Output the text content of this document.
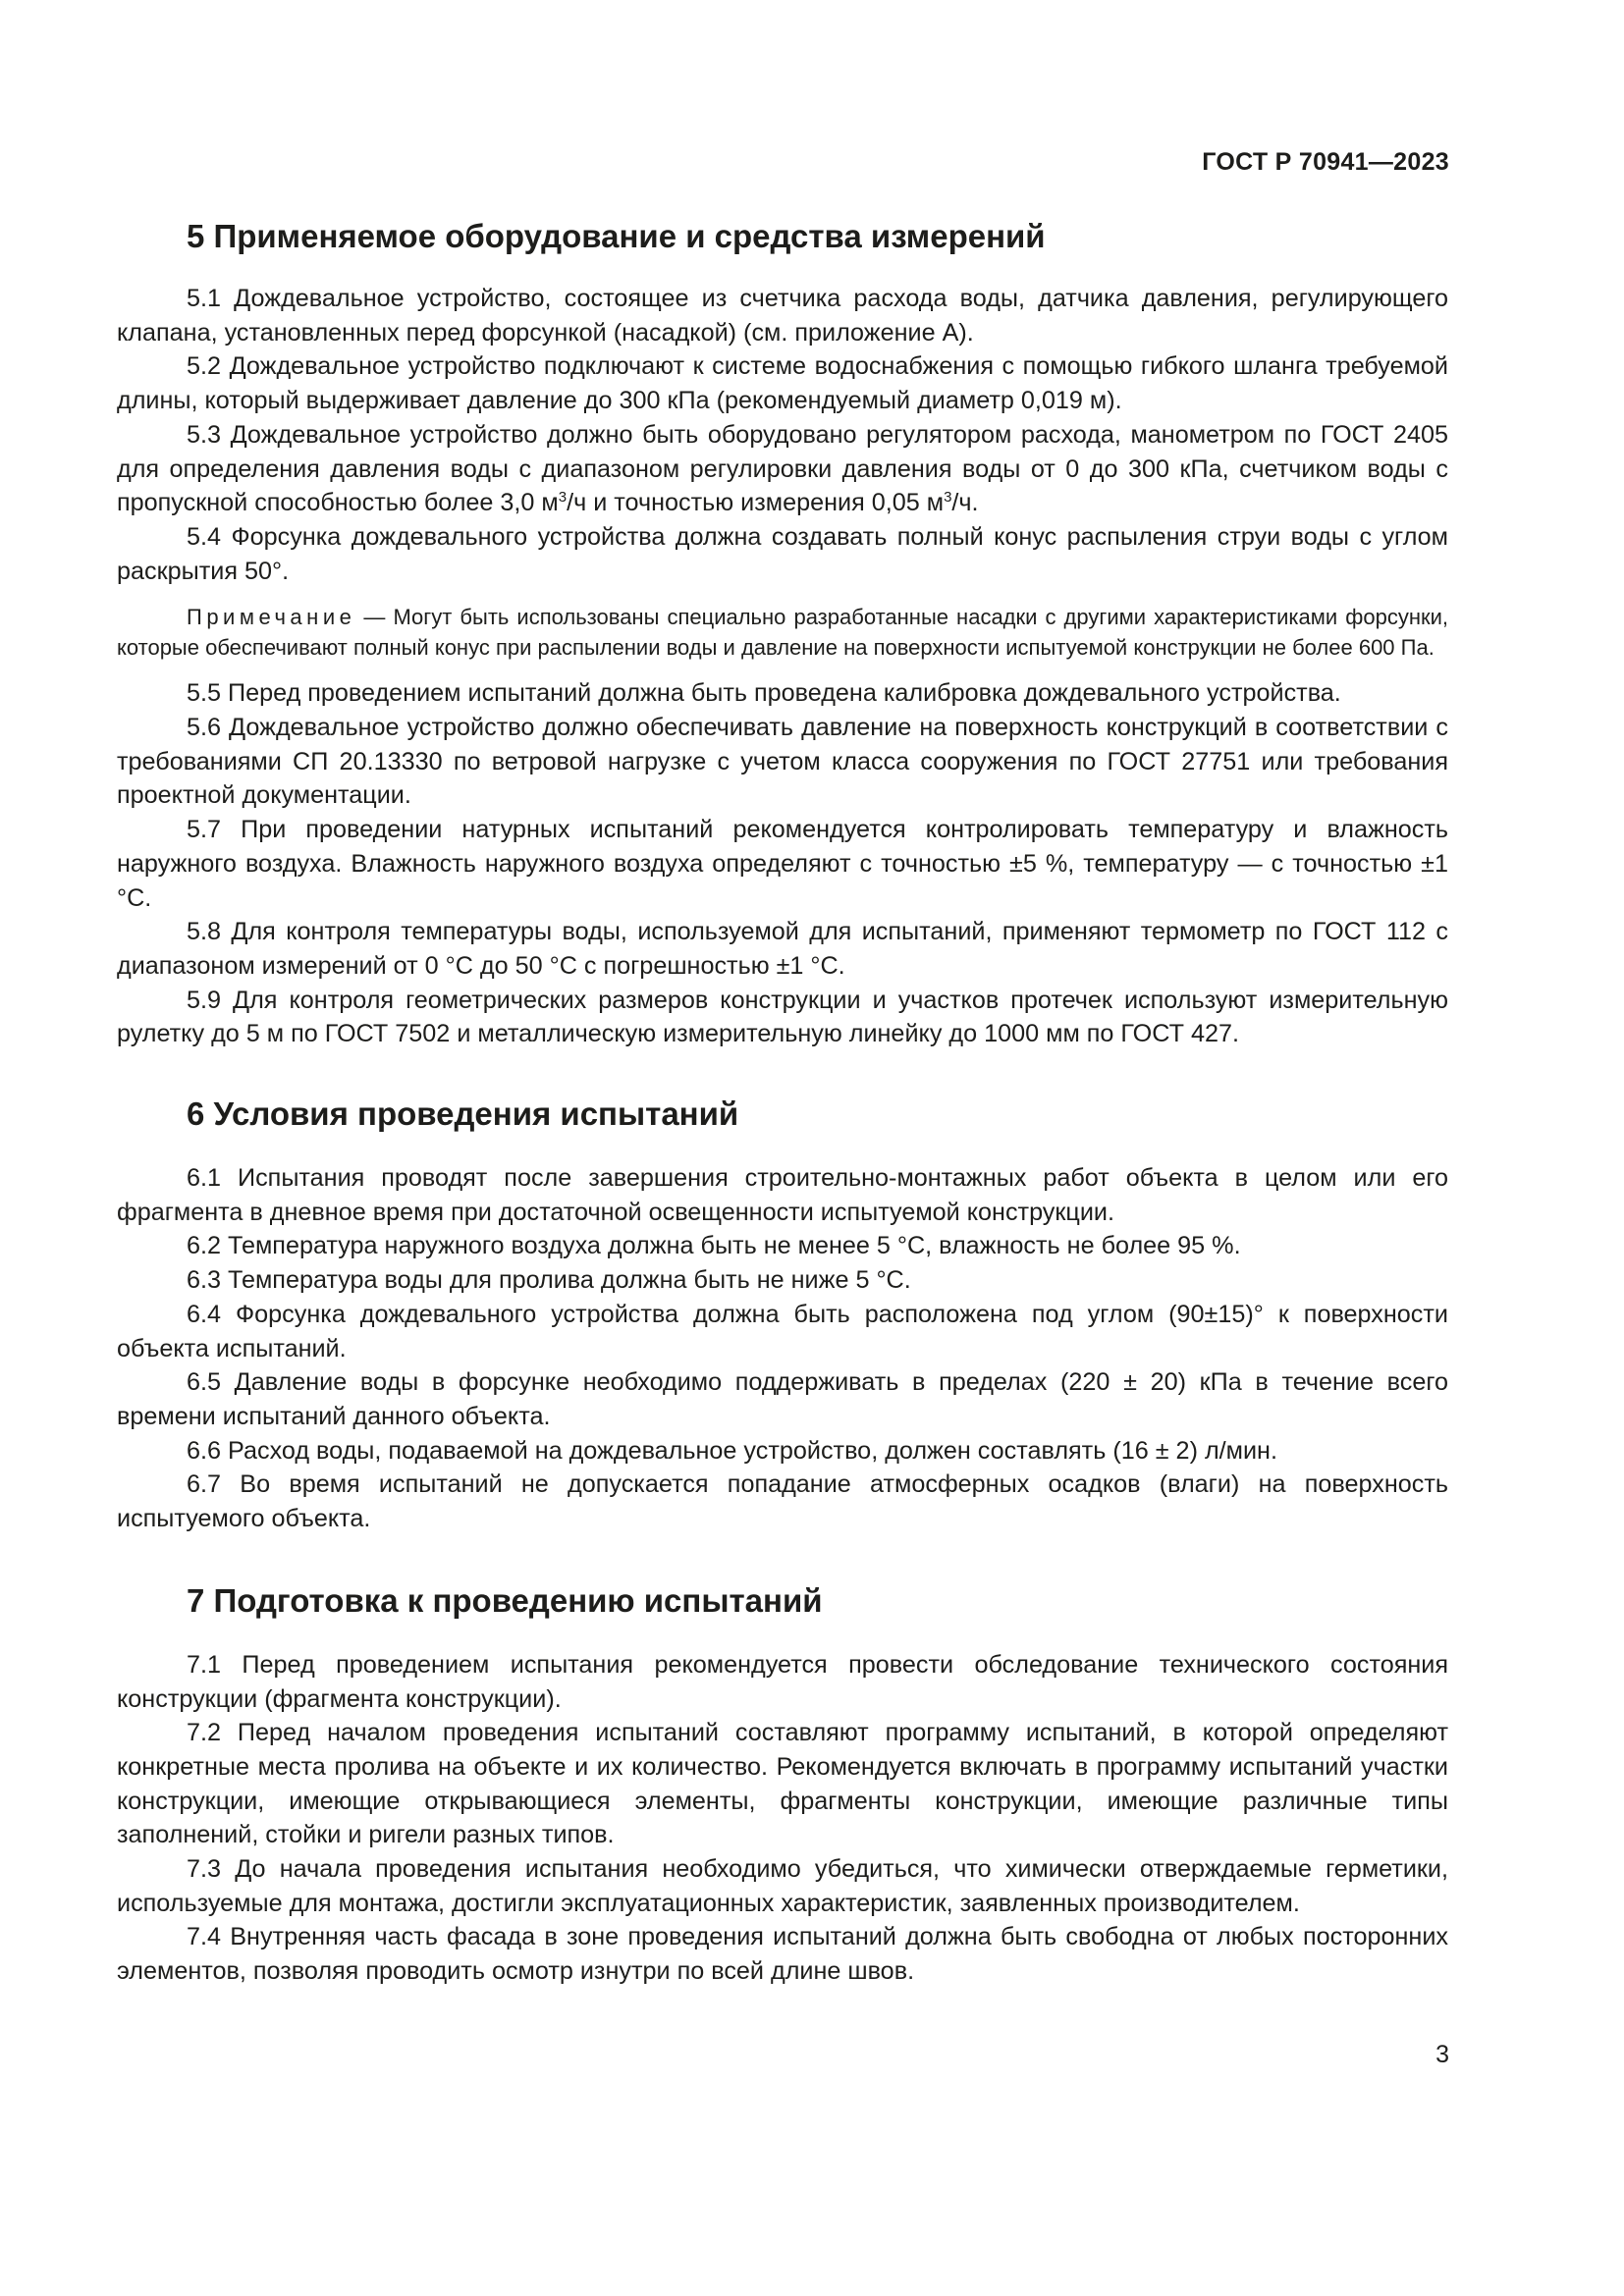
ГОСТ Р 70941—2023
5 Применяемое оборудование и средства измерений

5.1 Дождевальное устройство, состоящее из счетчика расхода воды, датчика давления, регулирующего клапана, установленных перед форсункой (насадкой) (см. приложение А).

5.2 Дождевальное устройство подключают к системе водоснабжения с помощью гибкого шланга требуемой длины, который выдерживает давление до 300 кПа (рекомендуемый диаметр 0,019 м).

5.3 Дождевальное устройство должно быть оборудовано регулятором расхода, манометром по ГОСТ 2405 для определения давления воды с диапазоном регулировки давления воды от 0 до 300 кПа, счетчиком воды с пропускной способностью более 3,0 $м^3/ч$ и точностью измерения 0,05 $м^3/ч$.

5.4 Форсунка дождевального устройства должна создавать полный конус распыления струи воды с углом раскрытия 50°.

Примечание — Могут быть использованы специально разработанные насадки с другими характеристиками форсунки, которые обеспечивают полный конус при распылении воды и давление на поверхности испытуемой конструкции не более 600 Па.

5.5 Перед проведением испытаний должна быть проведена калибровка дождевального устройства.

5.6 Дождевальное устройство должно обеспечивать давление на поверхность конструкций в соответствии с требованиями СП 20.13330 по ветровой нагрузке с учетом класса сооружения по ГОСТ 27751 или требования проектной документации.

5.7 При проведении натурных испытаний рекомендуется контролировать температуру и влажность наружного воздуха. Влажность наружного воздуха определяют с точностью ±5 %, температуру — с точностью ±1 °С.

5.8 Для контроля температуры воды, используемой для испытаний, применяют термометр по ГОСТ 112 с диапазоном измерений от 0 °С до 50 °С с погрешностью ±1 °С.

5.9 Для контроля геометрических размеров конструкции и участков протечек используют измерительную рулетку до 5 м по ГОСТ 7502 и металлическую измерительную линейку до 1000 мм по ГОСТ 427.

6 Условия проведения испытаний

6.1 Испытания проводят после завершения строительно-монтажных работ объекта в целом или его фрагмента в дневное время при достаточной освещенности испытуемой конструкции.

6.2 Температура наружного воздуха должна быть не менее 5 °С, влажность не более 95 %.

6.3 Температура воды для пролива должна быть не ниже 5 °С.

6.4 Форсунка дождевального устройства должна быть расположена под углом (90±15)° к поверхности объекта испытаний.

6.5 Давление воды в форсунке необходимо поддерживать в пределах (220 ± 20) кПа в течение всего времени испытаний данного объекта.

6.6 Расход воды, подаваемой на дождевальное устройство, должен составлять (16 ± 2) л/мин.

6.7 Во время испытаний не допускается попадание атмосферных осадков (влаги) на поверхность испытуемого объекта.

7 Подготовка к проведению испытаний

7.1 Перед проведением испытания рекомендуется провести обследование технического состояния конструкции (фрагмента конструкции).

7.2 Перед началом проведения испытаний составляют программу испытаний, в которой определяют конкретные места пролива на объекте и их количество. Рекомендуется включать в программу испытаний участки конструкции, имеющие открывающиеся элементы, фрагменты конструкции, имеющие различные типы заполнений, стойки и ригели разных типов.

7.3 До начала проведения испытания необходимо убедиться, что химически отверждаемые герметики, используемые для монтажа, достигли эксплуатационных характеристик, заявленных производителем.

7.4 Внутренняя часть фасада в зоне проведения испытаний должна быть свободна от любых посторонних элементов, позволяя проводить осмотр изнутри по всей длине швов.

3
